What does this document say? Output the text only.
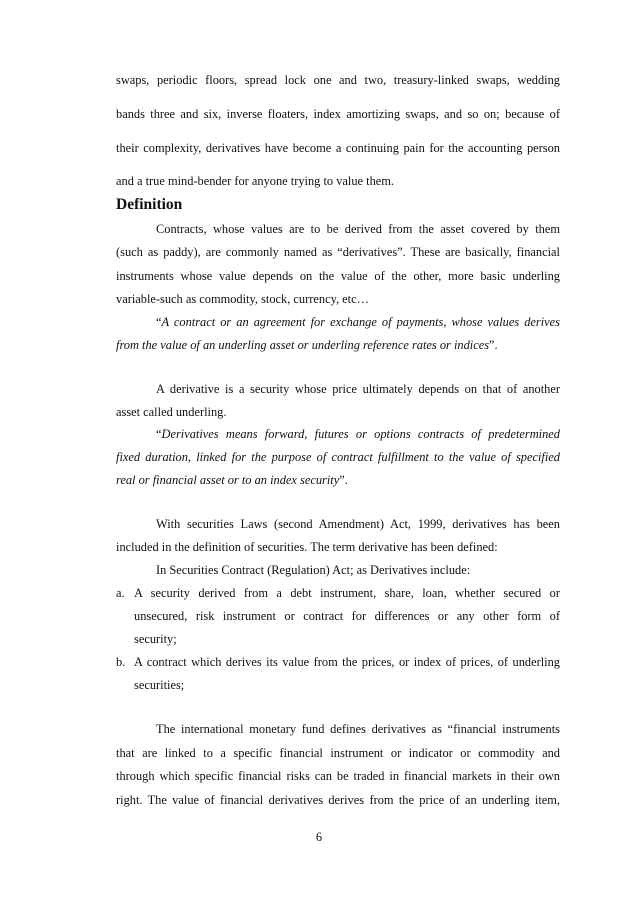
swaps, periodic floors, spread lock one and two, treasury-linked swaps, wedding
bands three and six, inverse floaters, index amortizing swaps, and so on; because of
their complexity, derivatives have become a continuing pain for the accounting person
and a true mind-bender for anyone trying to value them.
Definition
Contracts, whose values are to be derived from the asset covered by them
(such as paddy), are commonly named as “derivatives”. These are basically, financial
instruments whose value depends on the value of the other, more basic underling
variable-such as commodity, stock, currency, etc…
“A contract or an agreement for exchange of payments, whose values derives
from the value of an underling asset or underling reference rates or indices”.
A derivative is a security whose price ultimately depends on that of another
asset called underling.
“Derivatives means forward, futures or options contracts of predetermined
fixed duration, linked for the purpose of contract fulfillment to the value of specified
real or financial asset or to an index security”.
With securities Laws (second Amendment) Act, 1999, derivatives has been
included in the definition of securities. The term derivative has been defined:
In Securities Contract (Regulation) Act; as Derivatives include:
a. A security derived from a debt instrument, share, loan, whether secured or
unsecured, risk instrument or contract for differences or any other form of
security;
b. A contract which derives its value from the prices, or index of prices, of underling
securities;
The international monetary fund defines derivatives as “financial instruments
that are linked to a specific financial instrument or indicator or commodity and
through which specific financial risks can be traded in financial markets in their own
right. The value of financial derivatives derives from the price of an underling item,
6
